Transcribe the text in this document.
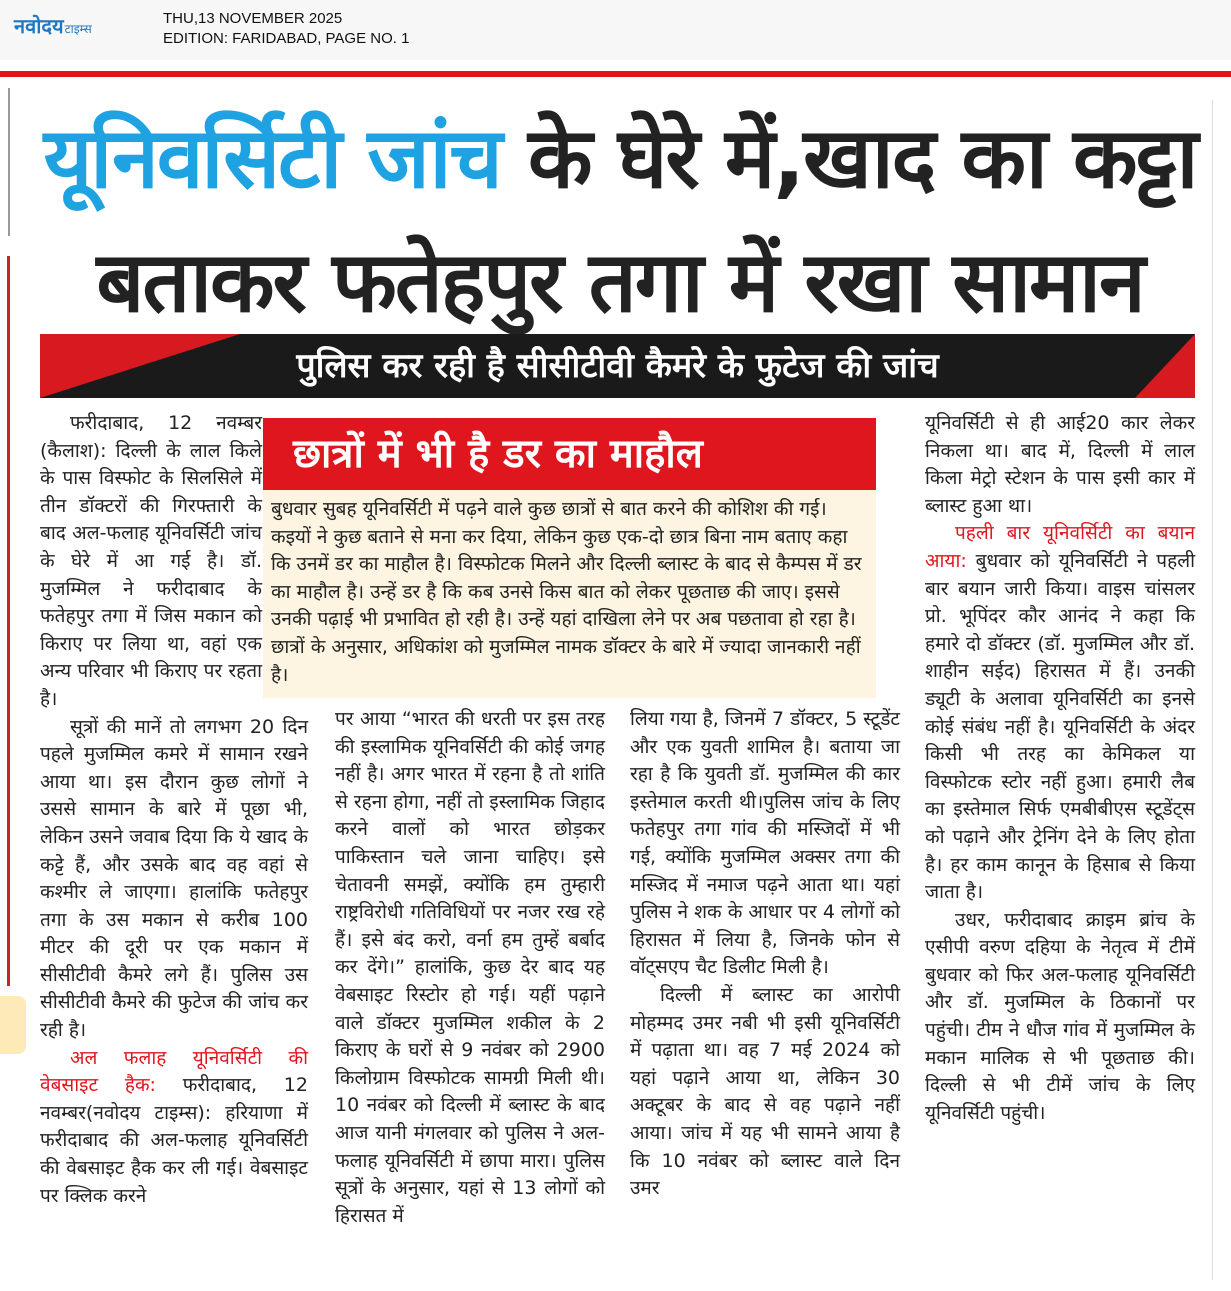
नवोदयटाइम्स
THU,13 NOVEMBER 2025
EDITION: FARIDABAD, PAGE NO. 1
यूनिवर्सिटी जांच के घेरे में,खाद का कट्टा
बताकर फतेहपुर तगा में रखा सामान
पुलिस कर रही है सीसीटीवी कैमरे के फुटेज की जांच
छात्रों में भी है डर का माहौल
बुधवार सुबह यूनिवर्सिटी में पढ़ने वाले कुछ छात्रों से बात करने की कोशिश की गई। कइयों ने कुछ बताने से मना कर दिया, लेकिन कुछ एक-दो छात्र बिना नाम बताए कहा कि उनमें डर का माहौल है। विस्फोटक मिलने और दिल्ली ब्लास्ट के बाद से कैम्पस में डर का माहौल है। उन्हें डर है कि कब उनसे किस बात को लेकर पूछताछ की जाए। इससे उनकी पढ़ाई भी प्रभावित हो रही है। उन्हें यहां दाखिला लेने पर अब पछतावा हो रहा है। छात्रों के अनुसार, अधिकांश को मुजम्मिल नामक डॉक्टर के बारे में ज्यादा जानकारी नहीं है।

फरीदाबाद, 12 नवम्बर (कैलाश): दिल्ली के लाल किले के पास विस्फोट के सिलसिले में तीन डॉक्टरों की गिरफ्तारी के बाद अल-फलाह यूनिवर्सिटी जांच के घेरे में आ गई है। डॉ. मुजम्मिल ने फरीदाबाद के फतेहपुर तगा में जिस मकान को किराए पर लिया था, वहां एक अन्य परिवार भी किराए पर रहता है।

सूत्रों की मानें तो लगभग 20 दिन पहले मुजम्मिल कमरे में सामान रखने आया था। इस दौरान कुछ लोगों ने उससे सामान के बारे में पूछा भी, लेकिन उसने जवाब दिया कि ये खाद के कट्टे हैं, और उसके बाद वह वहां से कश्मीर ले जाएगा। हालांकि फतेहपुर तगा के उस मकान से करीब 100 मीटर की दूरी पर एक मकान में सीसीटीवी कैमरे लगे हैं। पुलिस उस सीसीटीवी कैमरे की फुटेज की जांच कर रही है।

अल फलाह यूनिवर्सिटी की वेबसाइट हैक: फरीदाबाद, 12 नवम्बर(नवोदय टाइम्स): हरियाणा में फरीदाबाद की अल-फलाह यूनिवर्सिटी की वेबसाइट हैक कर ली गई। वेबसाइट पर क्लिक करने

पर आया “भारत की धरती पर इस तरह की इस्लामिक यूनिवर्सिटी की कोई जगह नहीं है। अगर भारत में रहना है तो शांति से रहना होगा, नहीं तो इस्लामिक जिहाद करने वालों को भारत छोड़कर पाकिस्तान चले जाना चाहिए। इसे चेतावनी समझें, क्योंकि हम तुम्हारी राष्ट्रविरोधी गतिविधियों पर नजर रख रहे हैं। इसे बंद करो, वर्ना हम तुम्हें बर्बाद कर देंगे।” हालांकि, कुछ देर बाद यह वेबसाइट रिस्टोर हो गई। यहीं पढ़ाने वाले डॉक्टर मुजम्मिल शकील के 2 किराए के घरों से 9 नवंबर को 2900 किलोग्राम विस्फोटक सामग्री मिली थी। 10 नवंबर को दिल्ली में ब्लास्ट के बाद आज यानी मंगलवार को पुलिस ने अल-फलाह यूनिवर्सिटी में छापा मारा। पुलिस सूत्रों के अनुसार, यहां से 13 लोगों को हिरासत में

लिया गया है, जिनमें 7 डॉक्टर, 5 स्टूडेंट और एक युवती शामिल है। बताया जा रहा है कि युवती डॉ. मुजम्मिल की कार इस्तेमाल करती थी।पुलिस जांच के लिए फतेहपुर तगा गांव की मस्जिदों में भी गई, क्योंकि मुजम्मिल अक्सर तगा की मस्जिद में नमाज पढ़ने आता था। यहां पुलिस ने शक के आधार पर 4 लोगों को हिरासत में लिया है, जिनके फोन से वॉट्सएप चैट डिलीट मिली है।

दिल्ली में ब्लास्ट का आरोपी मोहम्मद उमर नबी भी इसी यूनिवर्सिटी में पढ़ाता था। वह 7 मई 2024 को यहां पढ़ाने आया था, लेकिन 30 अक्टूबर के बाद से वह पढ़ाने नहीं आया। जांच में यह भी सामने आया है कि 10 नवंबर को ब्लास्ट वाले दिन उमर

यूनिवर्सिटी से ही आई20 कार लेकर निकला था। बाद में, दिल्ली में लाल किला मेट्रो स्टेशन के पास इसी कार में ब्लास्ट हुआ था।

पहली बार यूनिवर्सिटी का बयान आया: बुधवार को यूनिवर्सिटी ने पहली बार बयान जारी किया। वाइस चांसलर प्रो. भूपिंदर कौर आनंद ने कहा कि हमारे दो डॉक्टर (डॉ. मुजम्मिल और डॉ. शाहीन सईद) हिरासत में हैं। उनकी ड्यूटी के अलावा यूनिवर्सिटी का इनसे कोई संबंध नहीं है। यूनिवर्सिटी के अंदर किसी भी तरह का केमिकल या विस्फोटक स्टोर नहीं हुआ। हमारी लैब का इस्तेमाल सिर्फ एमबीबीएस स्टूडेंट्स को पढ़ाने और ट्रेनिंग देने के लिए होता है। हर काम कानून के हिसाब से किया जाता है।

उधर, फरीदाबाद क्राइम ब्रांच के एसीपी वरुण दहिया के नेतृत्व में टीमें बुधवार को फिर अल-फलाह यूनिवर्सिटी और डॉ. मुजम्मिल के ठिकानों पर पहुंची। टीम ने धौज गांव में मुजम्मिल के मकान मालिक से भी पूछताछ की। दिल्ली से भी टीमें जांच के लिए यूनिवर्सिटी पहुंची।
